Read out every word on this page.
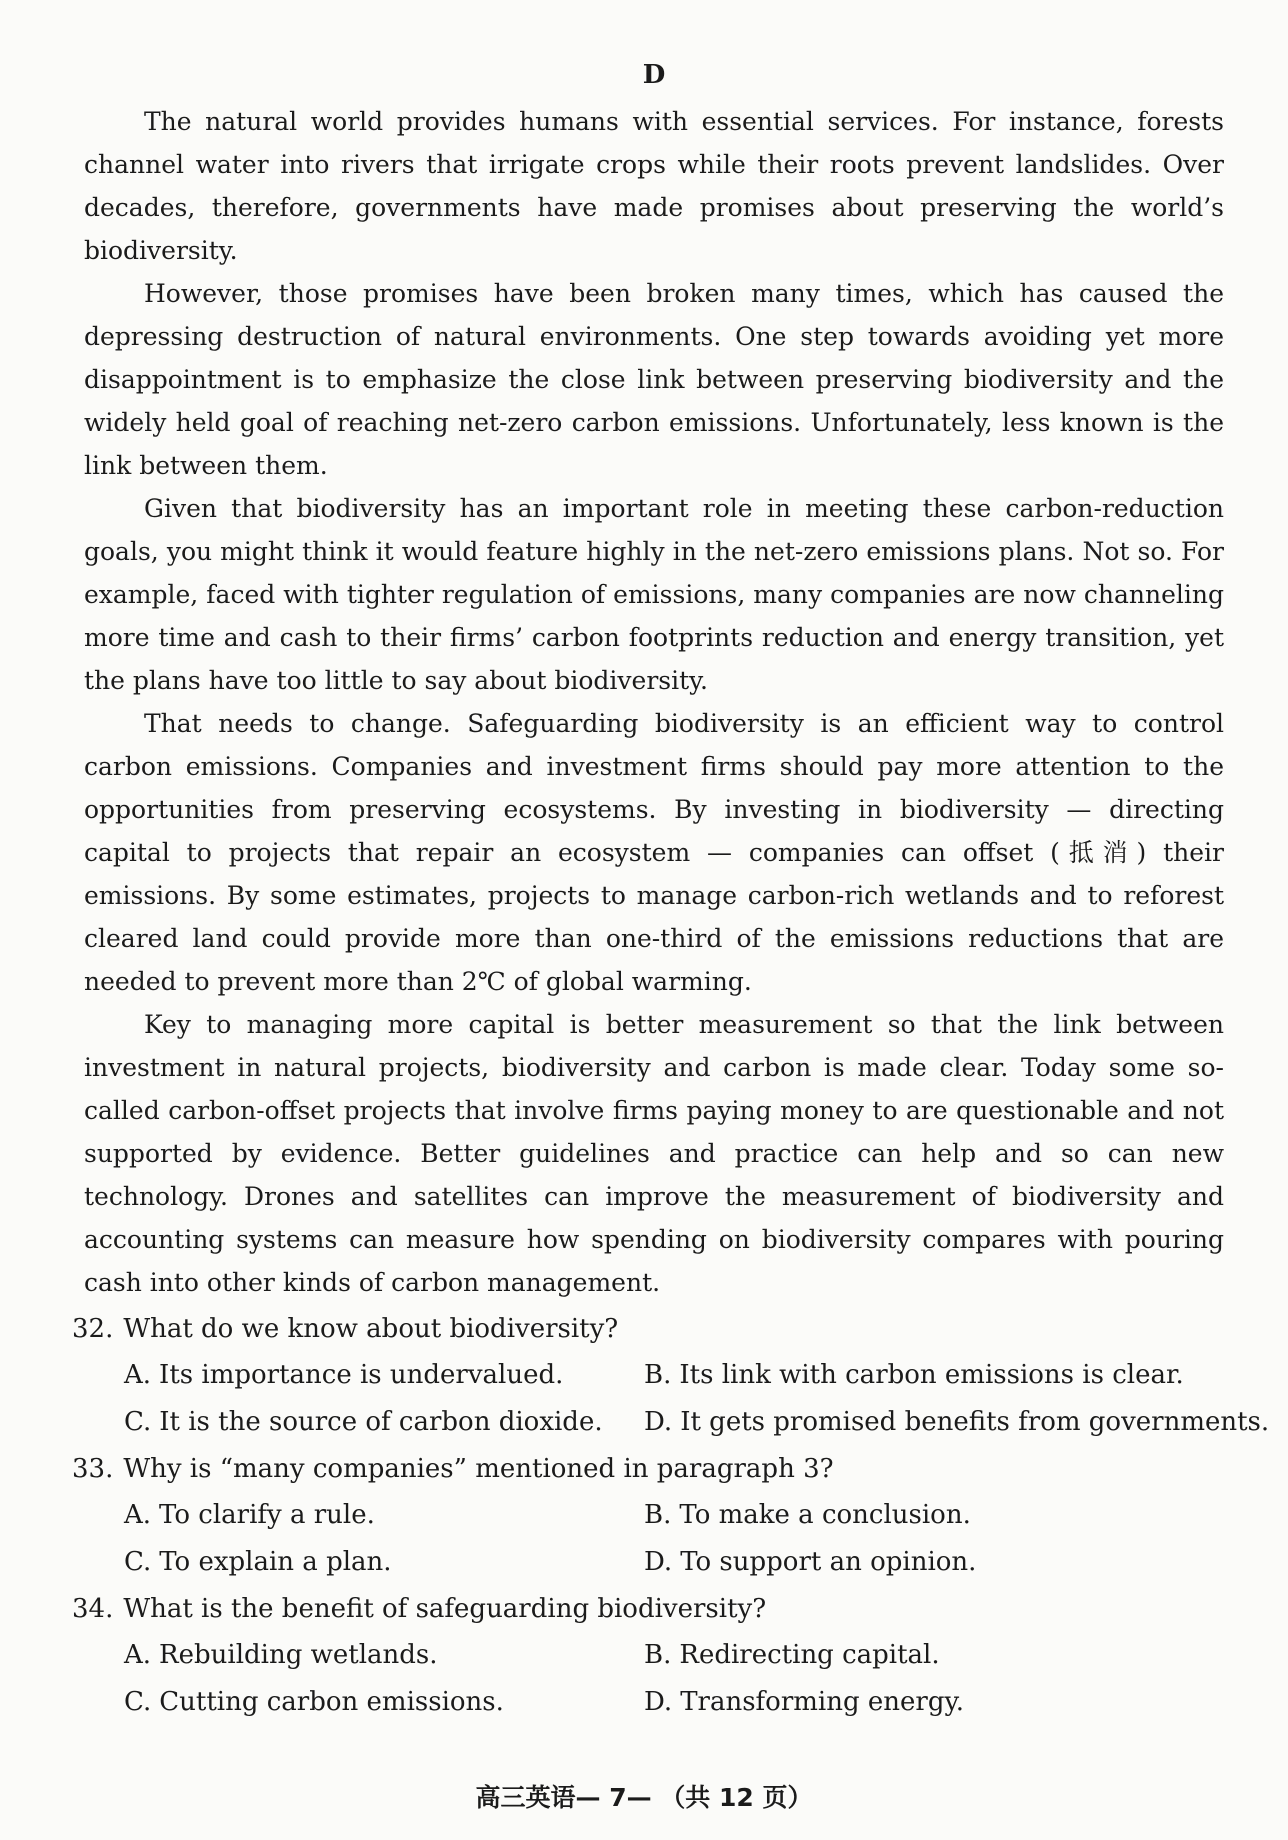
D

The natural world provides humans with essential services. For instance, forests channel water into rivers that irrigate crops while their roots prevent landslides. Over decades, therefore, governments have made promises about preserving the world’s biodiversity.

However, those promises have been broken many times, which has caused the depressing destruction of natural environments. One step towards avoiding yet more disappointment is to emphasize the close link between preserving biodiversity and the widely held goal of reaching net-zero carbon emissions. Unfortunately, less known is the link between them.

Given that biodiversity has an important role in meeting these carbon-reduction goals, you might think it would feature highly in the net-zero emissions plans. Not so. For example, faced with tighter regulation of emissions, many companies are now channeling more time and cash to their firms’ carbon footprints reduction and energy transition, yet the plans have too little to say about biodiversity.

That needs to change. Safeguarding biodiversity is an efficient way to control carbon emissions. Companies and investment firms should pay more attention to the opportunities from preserving ecosystems. By investing in biodiversity — directing capital to projects that repair an ecosystem — companies can offset (抵消) their emissions. By some estimates, projects to manage carbon-rich wetlands and to reforest cleared land could provide more than one-third of the emissions reductions that are needed to prevent more than 2℃ of global warming.

Key to managing more capital is better measurement so that the link between investment in natural projects, biodiversity and carbon is made clear. Today some so-called carbon-offset projects that involve firms paying money to are questionable and not supported by evidence. Better guidelines and practice can help and so can new technology. Drones and satellites can improve the measurement of biodiversity and accounting systems can measure how spending on biodiversity compares with pouring cash into other kinds of carbon management.

32. What do we know about biodiversity?
A. Its importance is undervalued.	B. Its link with carbon emissions is clear.
C. It is the source of carbon dioxide.	D. It gets promised benefits from governments.
33. Why is “many companies” mentioned in paragraph 3?
A. To clarify a rule.	B. To make a conclusion.
C. To explain a plan.	D. To support an opinion.
34. What is the benefit of safeguarding biodiversity?
A. Rebuilding wetlands.	B. Redirecting capital.
C. Cutting carbon emissions.	D. Transforming energy.
高三英语— 7— （共 12 页）
